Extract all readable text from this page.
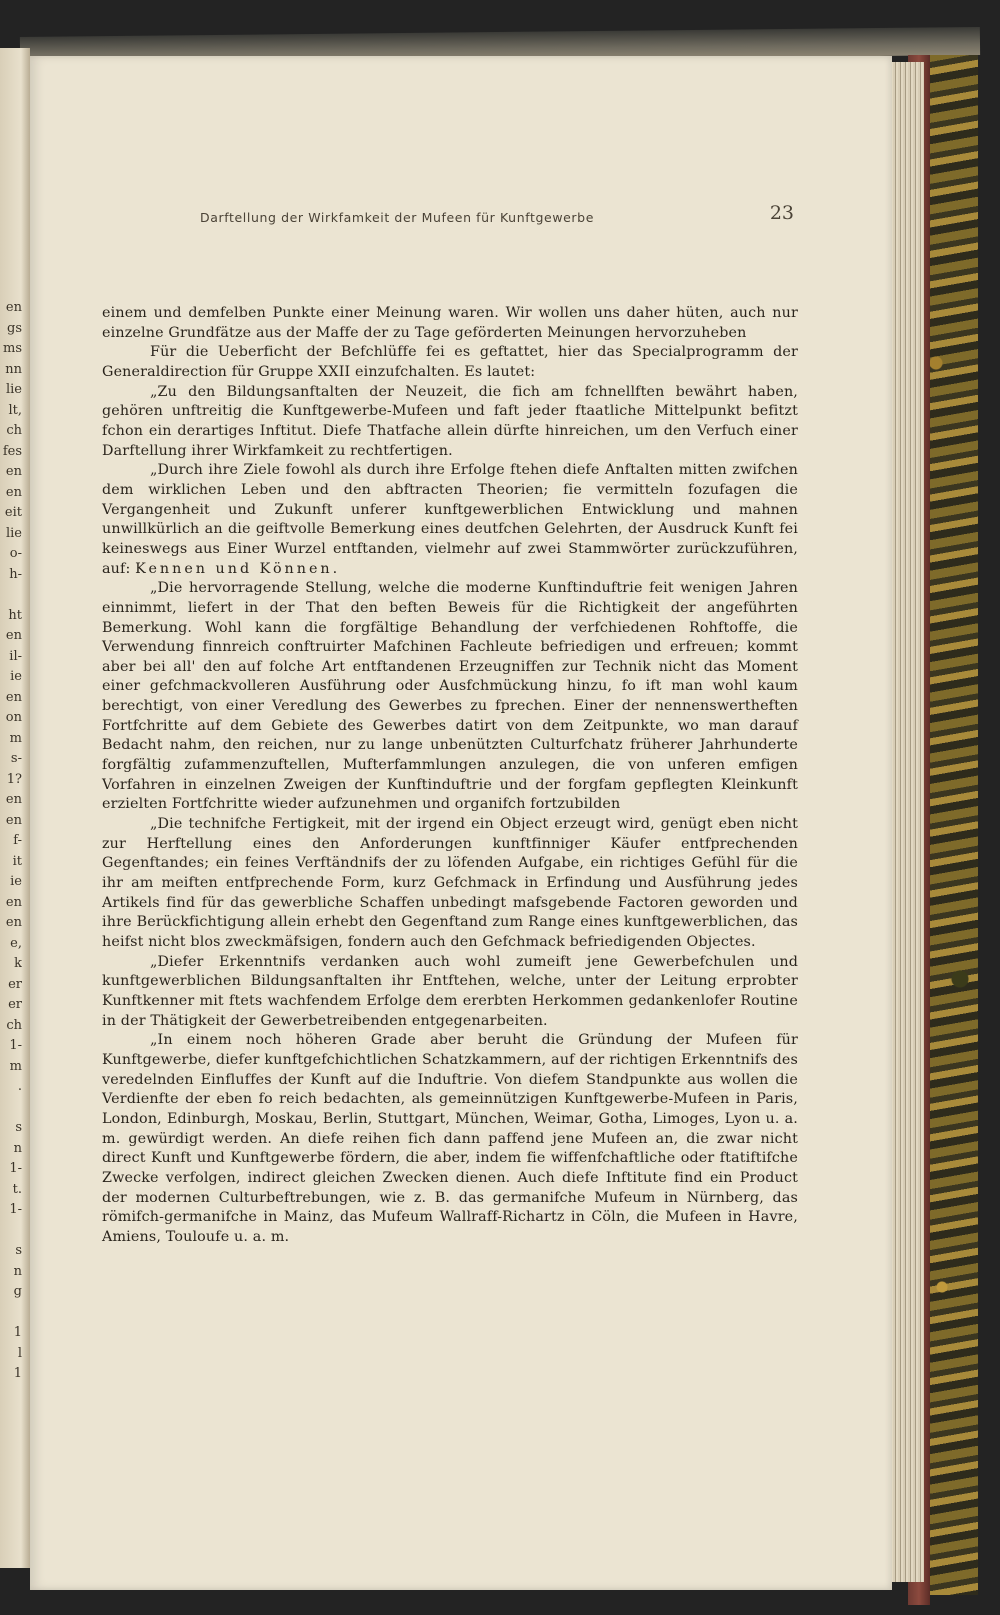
en
gs
ms
nn
lie
lt,
ch
fes
en
en
eit
lie
o-
h-

ht
en
il-
ie
en
on
m
s-
1?
en
en
f-
it
ie
en
en
e,
k
er
er
ch
1-
m
.

s
n
1-
t.
1-

s
n
g

1
l
1
Darftellung der Wirkfamkeit der Mufeen für Kunftgewerbe	23

einem und demfelben Punkte einer Meinung waren. Wir wollen uns daher hüten, auch nur einzelne Grundfätze aus der Maffe der zu Tage geförderten Meinungen hervorzuheben

Für die Ueberficht der Befchlüffe fei es geftattet, hier das Specialprogramm der Generaldirection für Gruppe XXII einzufchalten. Es lautet:

„Zu den Bildungsanftalten der Neuzeit, die fich am fchnellften bewährt haben, gehören unftreitig die Kunftgewerbe-Mufeen und faft jeder ftaatliche Mittelpunkt befitzt fchon ein derartiges Inftitut. Diefe Thatfache allein dürfte hinreichen, um den Verfuch einer Darftellung ihrer Wirkfamkeit zu rechtfertigen.

„Durch ihre Ziele fowohl als durch ihre Erfolge ftehen diefe Anftalten mitten zwifchen dem wirklichen Leben und den abftracten Theorien; fie vermitteln fozufagen die Vergangenheit und Zukunft unferer kunftgewerblichen Entwicklung und mahnen unwillkürlich an die geiftvolle Bemerkung eines deutfchen Gelehrten, der Ausdruck Kunft fei keineswegs aus Einer Wurzel entftanden, vielmehr auf zwei Stammwörter zurückzuführen, auf: Kennen und Können.

„Die hervorragende Stellung, welche die moderne Kunftinduftrie feit wenigen Jahren einnimmt, liefert in der That den beften Beweis für die Richtigkeit der angeführten Bemerkung. Wohl kann die forgfältige Behandlung der verfchiedenen Rohftoffe, die Verwendung finnreich conftruirter Mafchinen Fachleute befriedigen und erfreuen; kommt aber bei all' den auf folche Art entftandenen Erzeugniffen zur Technik nicht das Moment einer gefchmackvolleren Ausführung oder Ausfchmückung hinzu, fo ift man wohl kaum berechtigt, von einer Veredlung des Gewerbes zu fprechen. Einer der nennenswertheften Fortfchritte auf dem Gebiete des Gewerbes datirt von dem Zeitpunkte, wo man darauf Bedacht nahm, den reichen, nur zu lange unbenützten Culturfchatz früherer Jahrhunderte forgfältig zufammenzuftellen, Mufterfammlungen anzulegen, die von unferen emfigen Vorfahren in einzelnen Zweigen der Kunftinduftrie und der forgfam gepflegten Kleinkunft erzielten Fortfchritte wieder aufzunehmen und organifch fortzubilden

„Die technifche Fertigkeit, mit der irgend ein Object erzeugt wird, genügt eben nicht zur Herftellung eines den Anforderungen kunftfinniger Käufer entfprechenden Gegenftandes; ein feines Verftändnifs der zu löfenden Aufgabe, ein richtiges Gefühl für die ihr am meiften entfprechende Form, kurz Gefchmack in Erfindung und Ausführung jedes Artikels find für das gewerbliche Schaffen unbedingt mafsgebende Factoren geworden und ihre Berückfichtigung allein erhebt den Gegenftand zum Range eines kunftgewerblichen, das heifst nicht blos zweckmäfsigen, fondern auch den Gefchmack befriedigenden Objectes.

„Diefer Erkenntnifs verdanken auch wohl zumeift jene Gewerbefchulen und kunftgewerblichen Bildungsanftalten ihr Entftehen, welche, unter der Leitung erprobter Kunftkenner mit ftets wachfendem Erfolge dem ererbten Herkommen gedankenlofer Routine in der Thätigkeit der Gewerbetreibenden entgegenarbeiten.

„In einem noch höheren Grade aber beruht die Gründung der Mufeen für Kunftgewerbe, diefer kunftgefchichtlichen Schatzkammern, auf der richtigen Erkenntnifs des veredelnden Einfluffes der Kunft auf die Induftrie. Von diefem Standpunkte aus wollen die Verdienfte der eben fo reich bedachten, als gemeinnützigen Kunftgewerbe-Mufeen in Paris, London, Edinburgh, Moskau, Berlin, Stuttgart, München, Weimar, Gotha, Limoges, Lyon u. a. m. gewürdigt werden. An diefe reihen fich dann paffend jene Mufeen an, die zwar nicht direct Kunft und Kunftgewerbe fördern, die aber, indem fie wiffenfchaftliche oder ftatiftifche Zwecke verfolgen, indirect gleichen Zwecken dienen. Auch diefe Inftitute find ein Product der modernen Culturbeftrebungen, wie z. B. das germanifche Mufeum in Nürnberg, das römifch-germanifche in Mainz, das Mufeum Wallraff-Richartz in Cöln, die Mufeen in Havre, Amiens, Touloufe u. a. m.
